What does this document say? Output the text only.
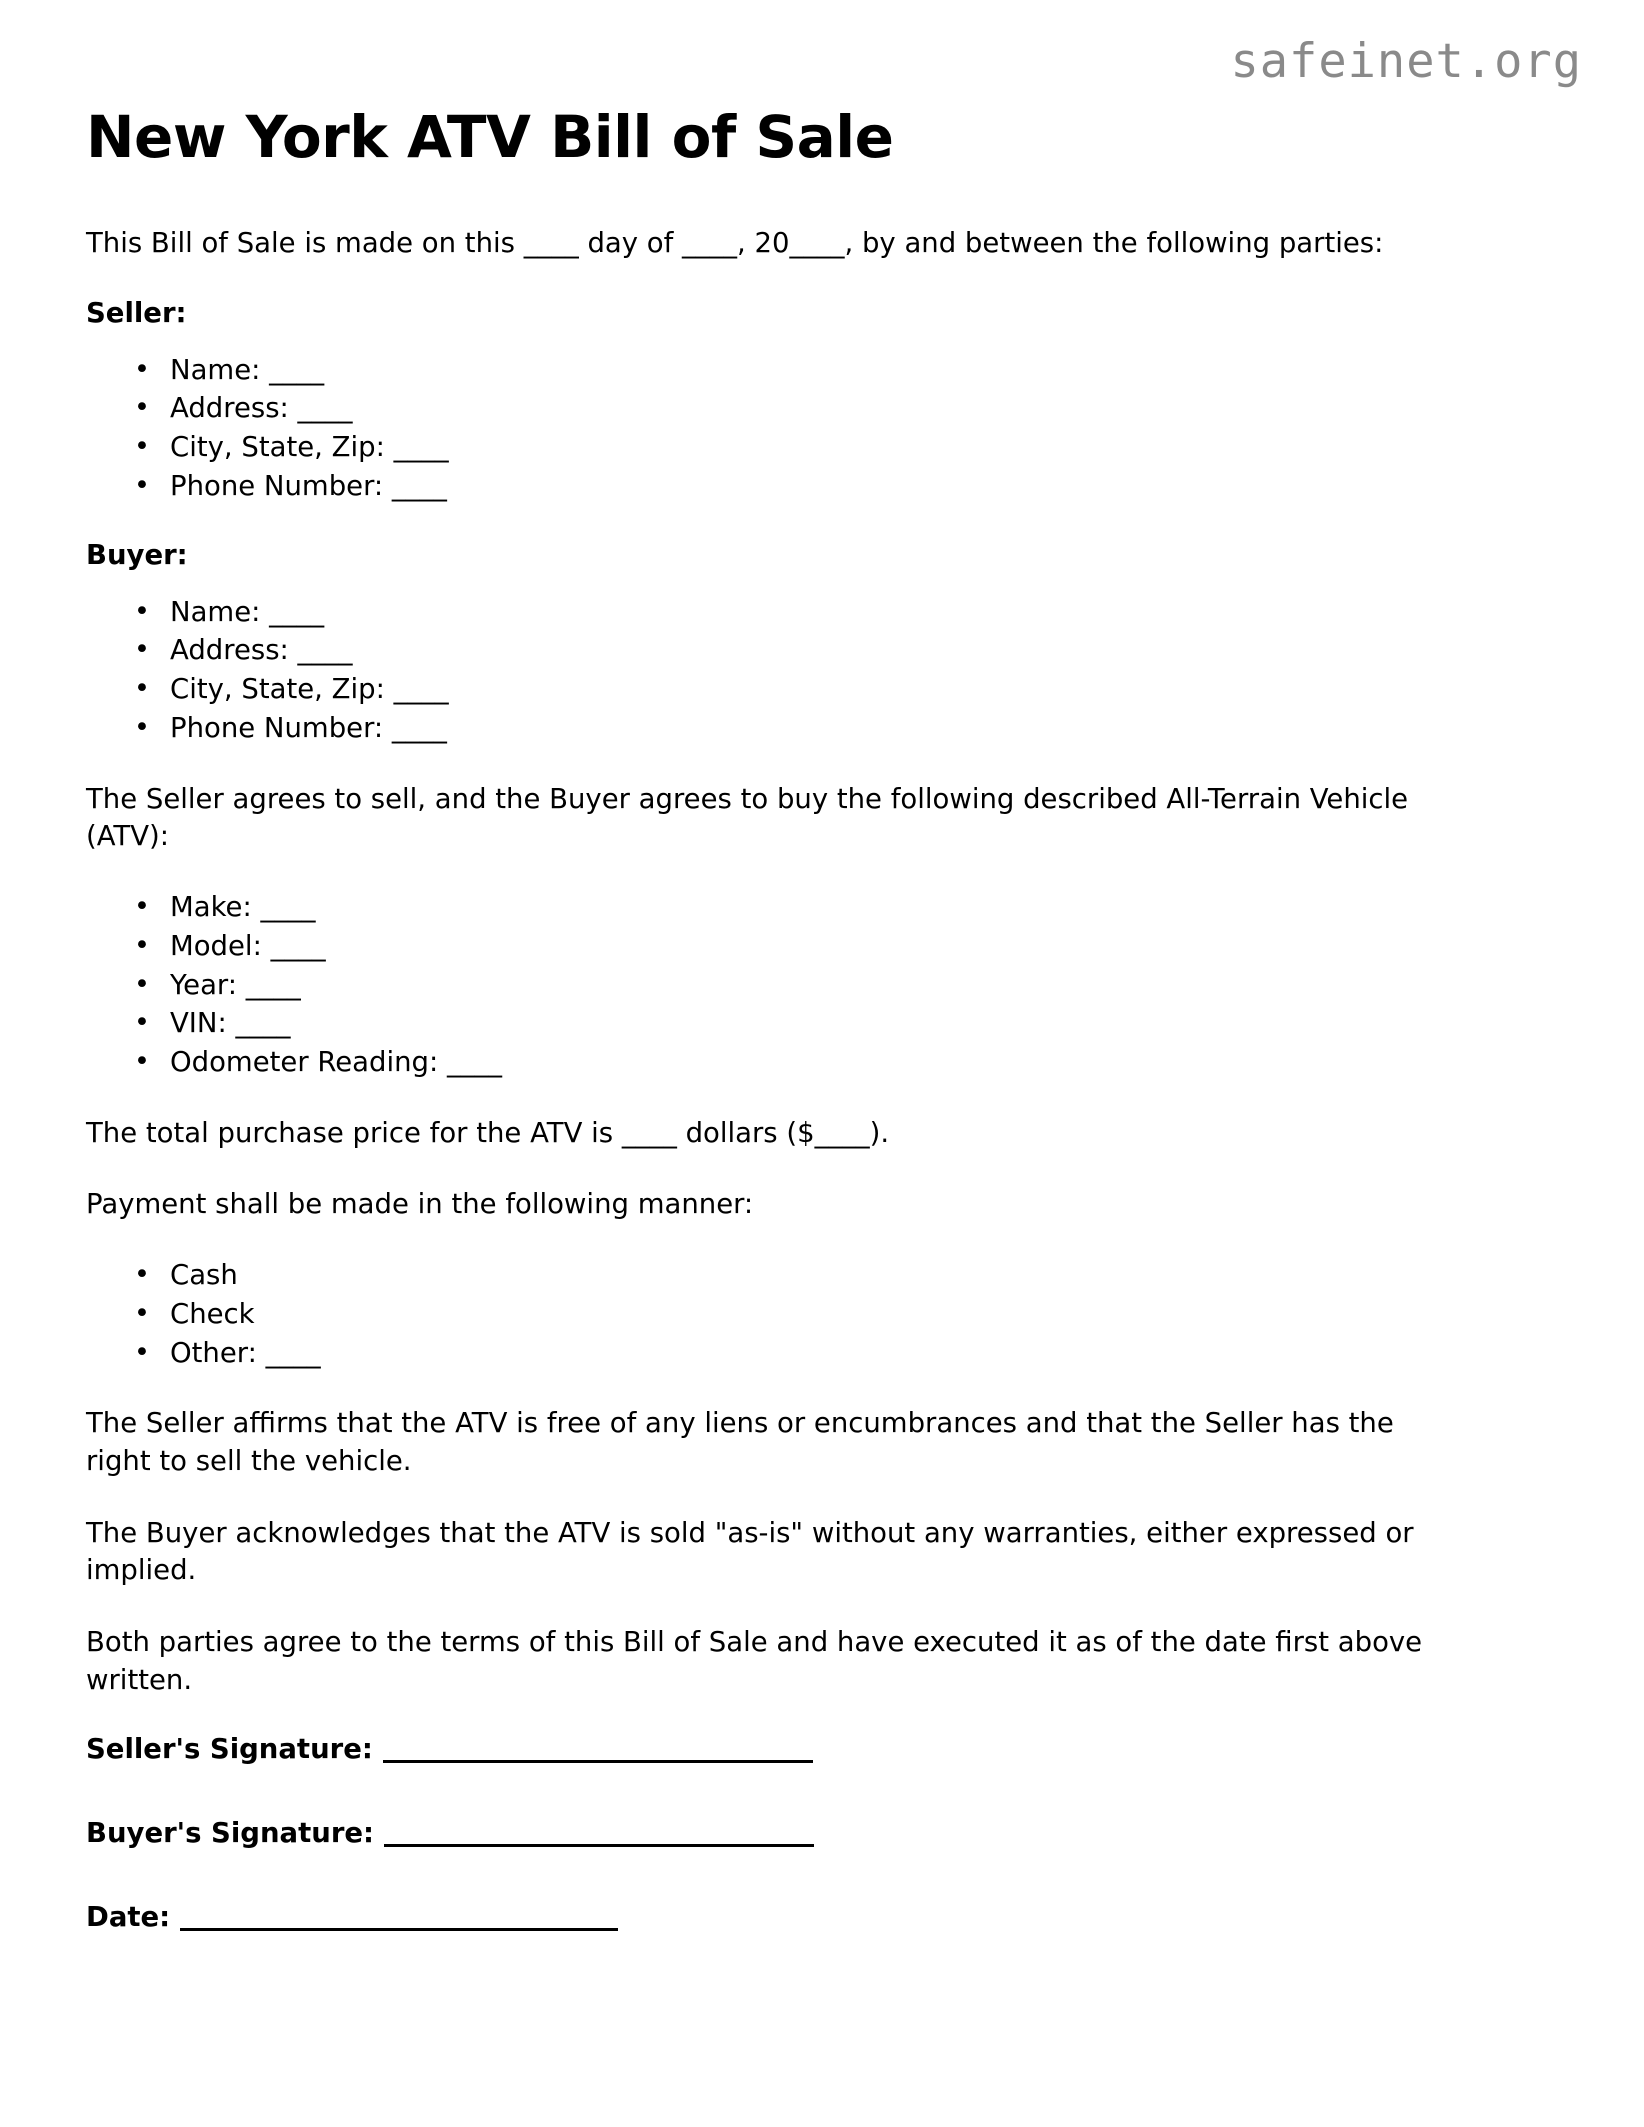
safeinet.org
New York ATV Bill of Sale

This Bill of Sale is made on this ____ day of ____, 20____, by and between the following parties:

Seller:
• Name: ____
• Address: ____
• City, State, Zip: ____
• Phone Number: ____
Buyer:
• Name: ____
• Address: ____
• City, State, Zip: ____
• Phone Number: ____

The Seller agrees to sell, and the Buyer agrees to buy the following described All-Terrain Vehicle (ATV):

• Make: ____
• Model: ____
• Year: ____
• VIN: ____
• Odometer Reading: ____

The total purchase price for the ATV is ____ dollars ($____).

Payment shall be made in the following manner:

• Cash
• Check
• Other: ____

The Seller affirms that the ATV is free of any liens or encumbrances and that the Seller has the right to sell the vehicle.

The Buyer acknowledges that the ATV is sold "as-is" without any warranties, either expressed or implied.

Both parties agree to the terms of this Bill of Sale and have executed it as of the date first above written.

Seller's Signature:
Buyer's Signature:
Date:
